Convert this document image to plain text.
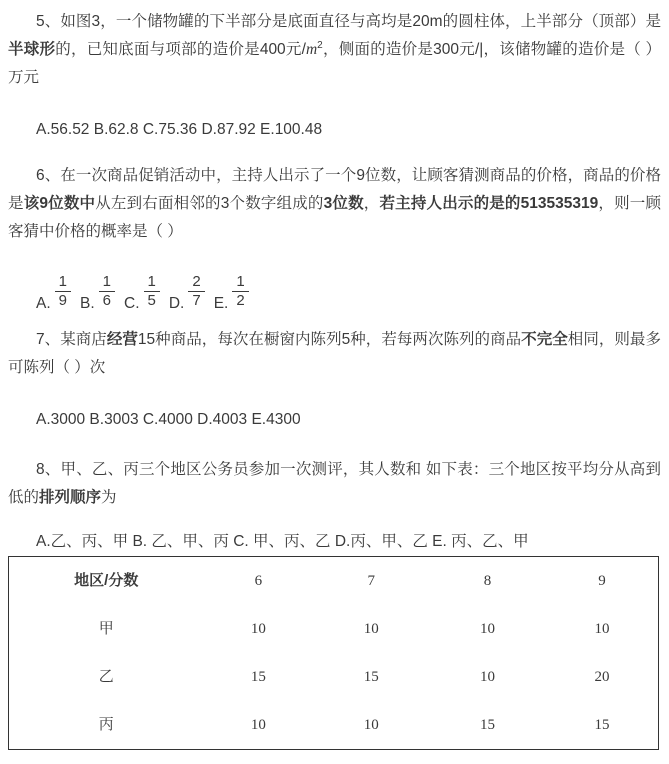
5、如图3，一个储物罐的下半部分是底面直径与高均是20m的圆柱体，上半部分（顶部）是半球形的，已知底面与项部的造价是400元$/m^2$，侧面的造价是300元/|，该储物罐的造价是（ ）万元

A.56.52 B.62.8 C.75.36 D.87.92 E.100.48

6、在一次商品促销活动中，主持人出示了一个9位数，让顾客猜测商品的价格，商品的价格是该9位数中从左到右面相邻的3个数字组成的3位数，若主持人出示的是的513535319，则一顾客猜中价格的概率是（ ）

A. $\frac{1}{9} B$. $\frac{1}{6} C$. $\frac{1}{5} D$. $\frac{2}{7} E$. $\frac{1}{2}$

7、某商店经营15种商品，每次在橱窗内陈列5种，若每两次陈列的商品不完全相同，则最多可陈列（ ）次

A.3000 B.3003 C.4000 D.4003 E.4300

8、甲、乙、丙三个地区公务员参加一次测评，其人数和 如下表：三个地区按平均分从高到低的排列顺序为

A.乙、丙、甲 B. 乙、甲、丙 C. 甲、丙、乙 D.丙、甲、乙 E. 丙、乙、甲

地区/分数	6	7	8	9
甲	10	10	10	10
乙	15	15	10	20
丙	10	10	15	15
